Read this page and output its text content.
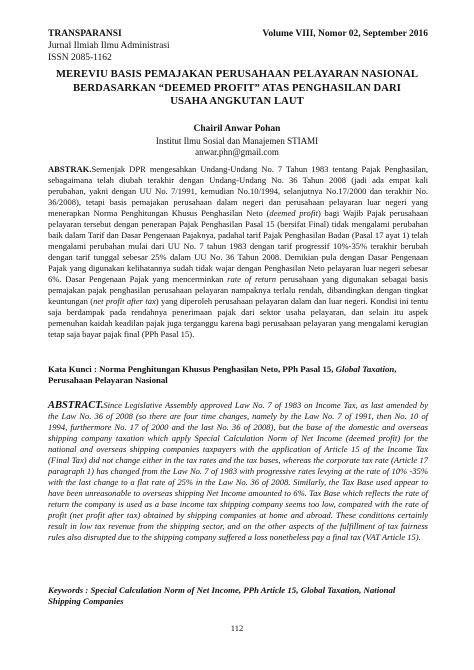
TRANSPARANSI	Volume VIII, Nomor 02, September 2016
Jurnal Ilmiah Ilmu Administrasi
ISSN 2085-1162
MEREVIU BASIS PEMAJAKAN PERUSAHAAN PELAYARAN NASIONAL
BERDASARKAN “DEEMED PROFIT” ATAS PENGHASILAN DARI
USAHA ANGKUTAN LAUT
Chairil Anwar Pohan
Institut Ilmu Sosial dan Manajemen STIAMI
anwar.phn@gmail.com
ABSTRAK.Semenjak DPR mengesahkan Undang-Undang No. 7 Tahun 1983 tentang Pajak Penghasilan, sebagaimana telah diubah terakhir dengan Undang-Undang No. 36 Tahun 2008 (jadi ada empat kali perubahan, yakni dengan UU No. 7/1991, kemudian No.10/1994, selanjutnya No.17/2000 dan terakhir No. 36/2008), tetapi basis pemajakan perusahaan dalam negeri dan perusahaan pelayaran luar negeri yang menerapkan Norma Penghitungan Khusus Penghasilan Neto (deemed profit) bagi Wajib Pajak perusahaan pelayaran tersebut dengan penerapan Pajak Penghasilan Pasal 15 (bersifat Final) tidak mengalami perubahan baik dalam Tarif dan Dasar Pengenaan Pajaknya, padahal tarif Pajak Penghasilan Badan (Pasal 17 ayat 1) telah mengalami perubahan mulai dari UU No. 7 tahun 1983 dengan tarif progressif 10%-35% terakhir berubah dengan tarif tunggal sebesar 25% dalam UU No. 36 Tahun 2008. Demikian pula dengan Dasar Pengenaan Pajak yang digunakan kelihatannya sudah tidak wajar dengan Penghasilan Neto pelayaran luar negeri sebesar 6%. Dasar Pengenaan Pajak yang mencerminkan rate of return perusahaan yang digunakan sebagai basis pemajakan pajak penghasilan perusahaan pelayaran nampaknya terlalu rendah, dibandingkan dengan tingkat keuntungan (net profit after tax) yang diperoleh perusahaan pelayaran dalam dan luar negeri. Kondisi ini tentu saja berdampak pada rendahnya penerimaan pajak dari sektor usaha pelayaran, dan selain itu aspek pemenuhan kaidah keadilan pajak juga terganggu karena bagi perusahaan pelayaran yang mengalami kerugian tetap saja bayar pajak final (PPh Pasal 15).
Kata Kunci : Norma Penghitungan Khusus Penghasilan Neto, PPh Pasal 15, Global Taxation, Perusahaan Pelayaran Nasional
ABSTRACT.Since Legislative Assembly approved Law No. 7 of 1983 on Income Tax, as last amended by the Law No. 36 of 2008 (so there are four time changes, namely by the Law No. 7 of 1991, then No. 10 of 1994, furthermore No. 17 of 2000 and the last No. 36 of 2008), but the base of the domestic and overseas shipping company taxation which apply Special Calculation Norm of Net Income (deemed profit) for the national and overseas shipping companies taxpayers with the application of Article 15 of the Income Tax (Final Tax) did not change either in the tax rates and the tax bases, whereas the corporate tax rate (Article 17 paragraph 1) has changed from the Law No. 7 of 1983 with progressive rates levying at the rate of 10% -35% with the last change to a flat rate of 25% in the Law No. 36 of 2008. Similarly, the Tax Base used appear to have been unreasonable to overseas shipping Net Income amounted to 6%. Tax Base which reflects the rate of return the company is used as a base income tax shipping company seems too low, compared with the rate of profit (net profit after tax) obtained by shipping companies at home and abroad. These conditions certainly result in low tax revenue from the shipping sector, and on the other aspects of the fulfillment of tax fairness rules also disrupted due to the shipping company suffered a loss nonetheless pay a final tax (VAT Article 15).
Keywords : Special Calculation Norm of Net Income, PPh Article 15, Global Taxation, National Shipping Companies
112
